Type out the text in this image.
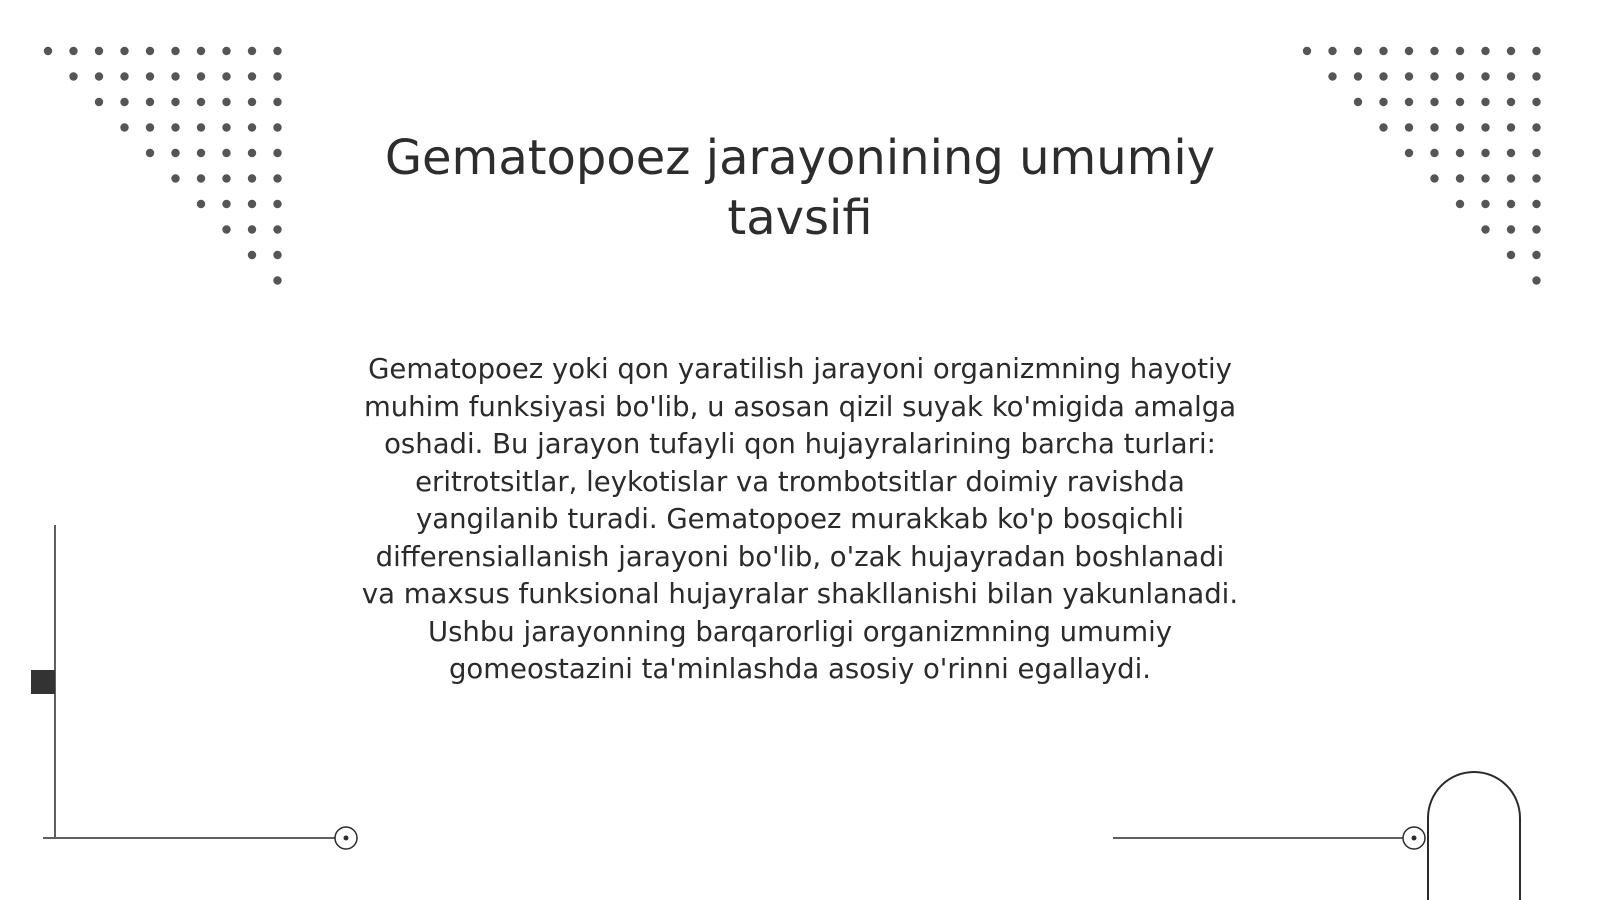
Gematopoez jarayonining umumiy tavsifi

Gematopoez yoki qon yaratilish jarayoni organizmning hayotiy muhim funksiyasi bo'lib, u asosan qizil suyak ko'migida amalga oshadi. Bu jarayon tufayli qon hujayralarining barcha turlari: eritrotsitlar, leykotislar va trombotsitlar doimiy ravishda yangilanib turadi. Gematopoez murakkab ko'p bosqichli differensiallanish jarayoni bo'lib, o'zak hujayradan boshlanadi va maxsus funksional hujayralar shakllanishi bilan yakunlanadi. Ushbu jarayonning barqarorligi organizmning umumiy gomeostazini ta'minlashda asosiy o'rinni egallaydi.
